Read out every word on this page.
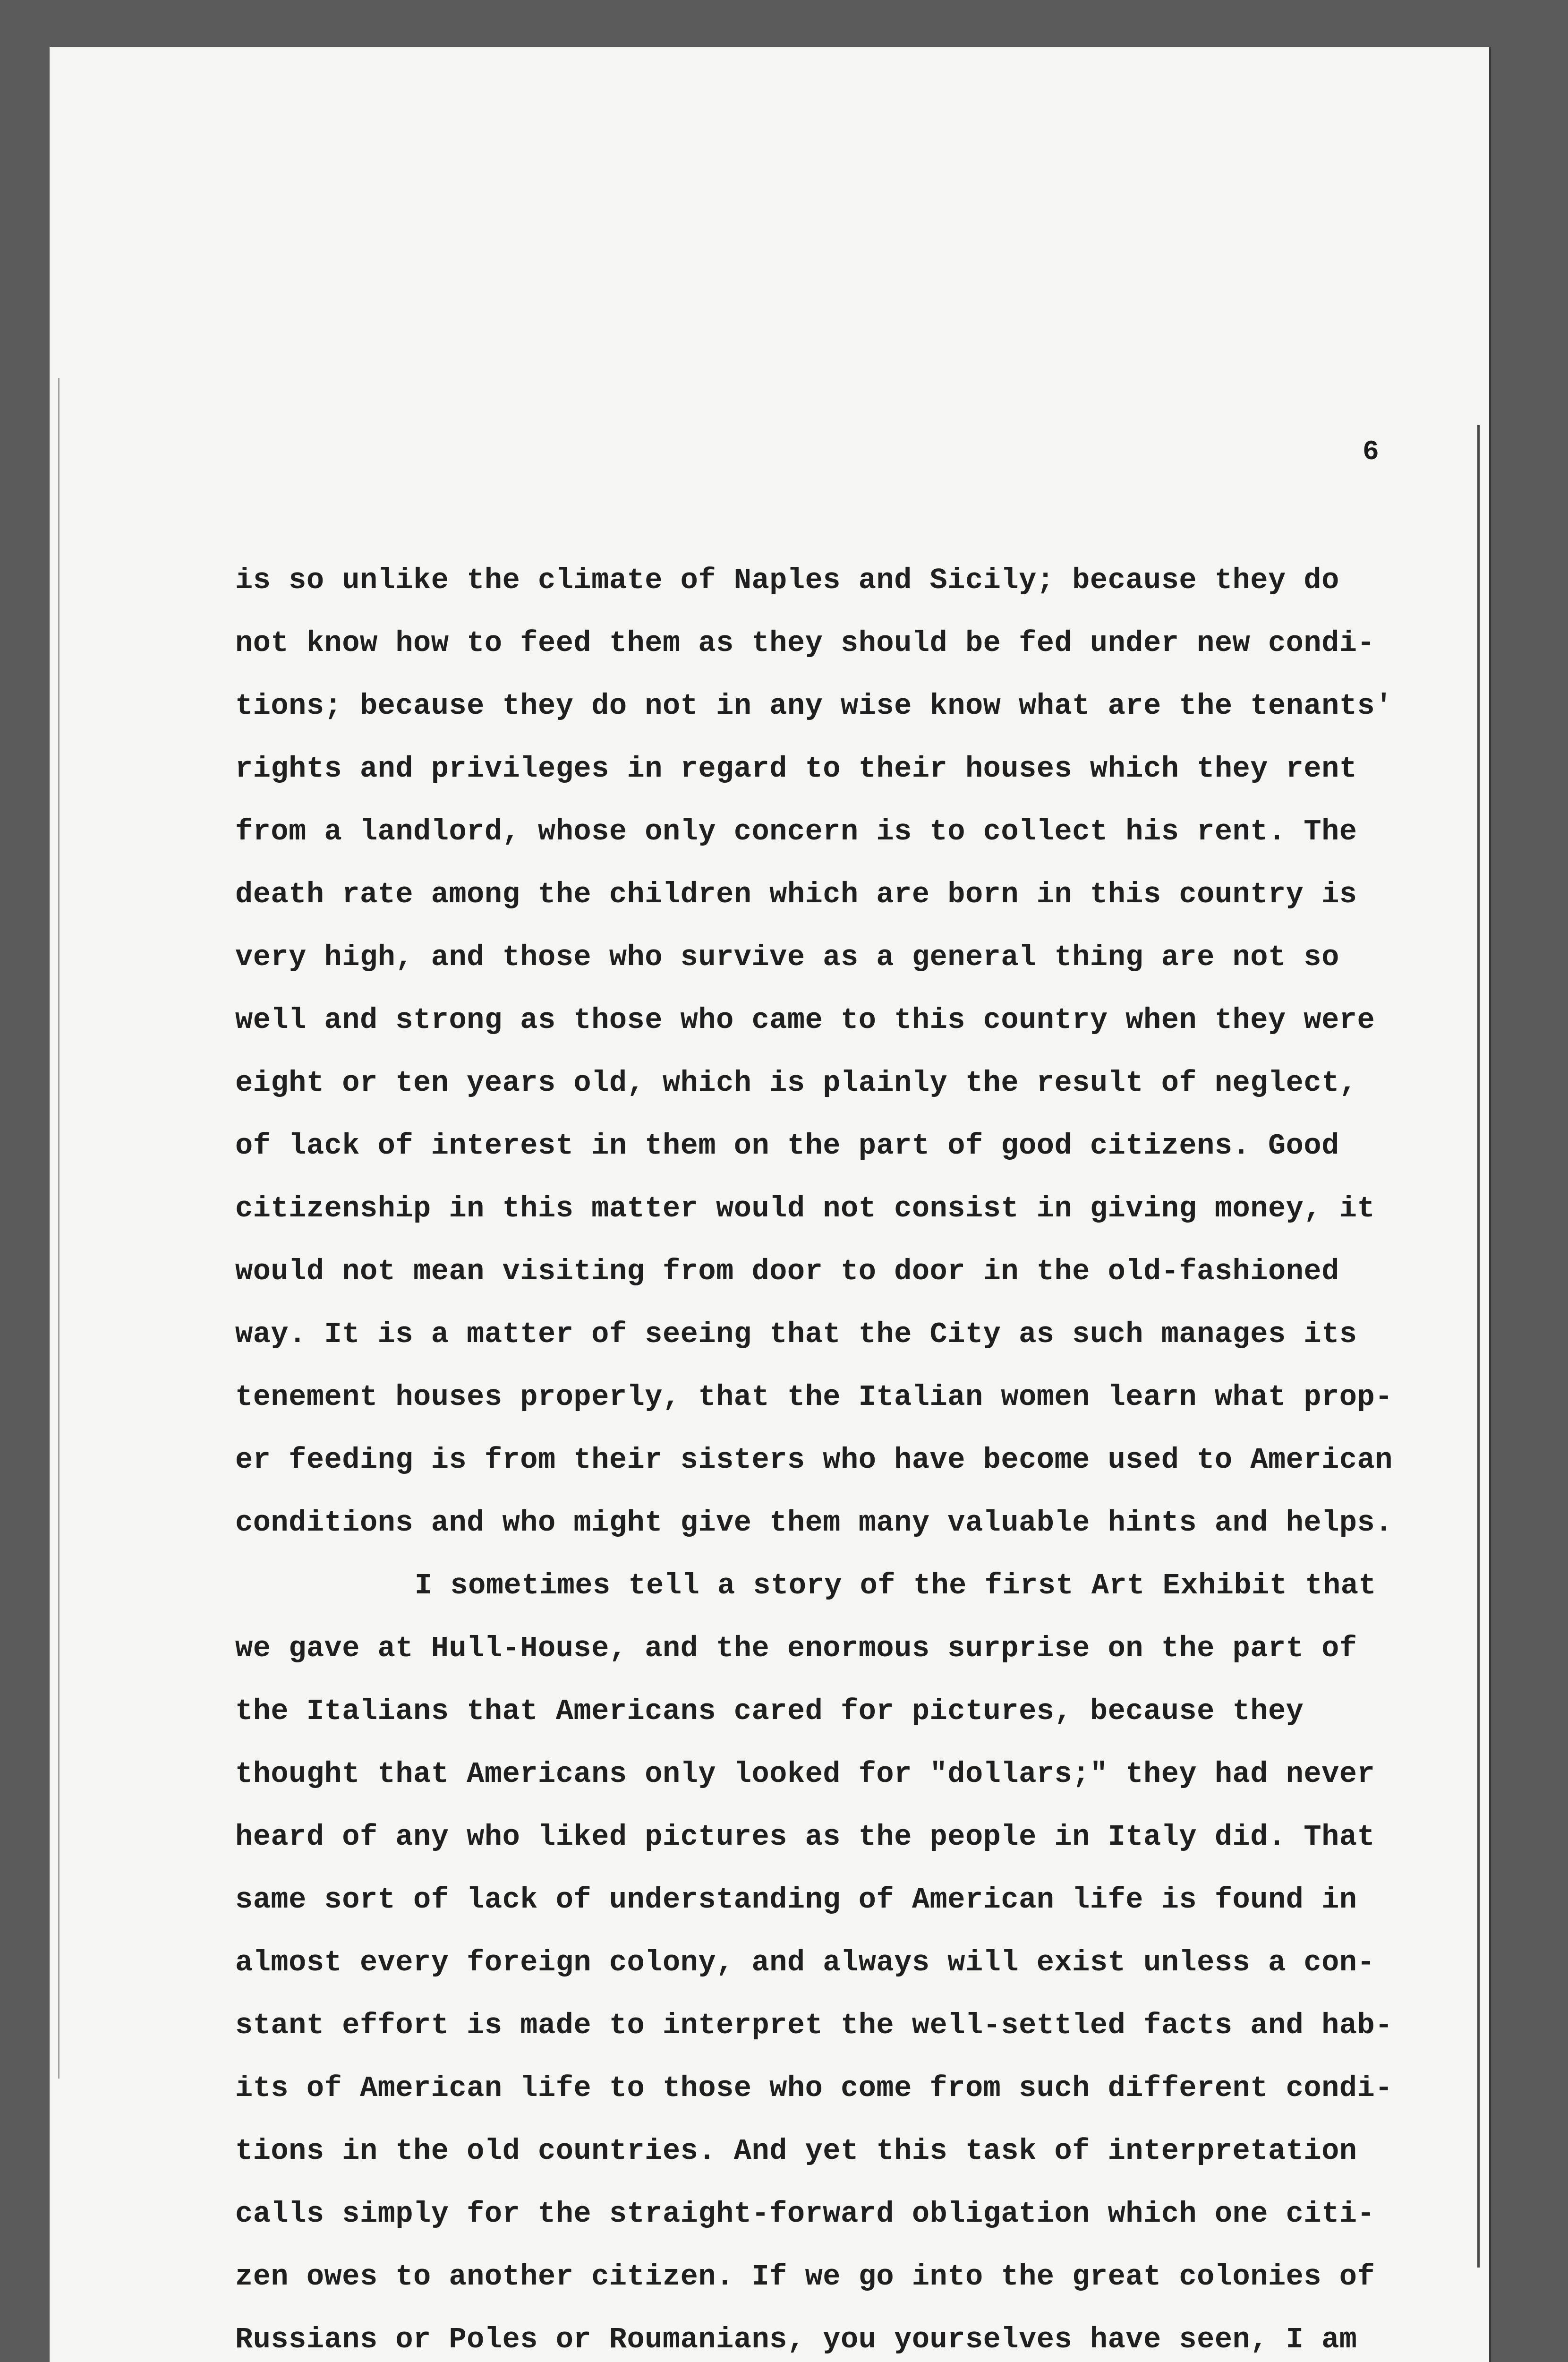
6
is so unlike the climate of Naples and Sicily; because they do
not know how to feed them as they should be fed under new condi-
tions; because they do not in any wise know what are the tenants'
rights and privileges in regard to their houses which they rent
from a landlord, whose only concern is to collect his rent. The
death rate among the children which are born in this country is
very high, and those who survive as a general thing are not so
well and strong as those who came to this country when they were
eight or ten years old, which is plainly the result of neglect,
of lack of interest in them on the part of good citizens. Good
citizenship in this matter would not consist in giving money, it
would not mean visiting from door to door in the old-fashioned
way. It is a matter of seeing that the City as such manages its
tenement houses properly, that the Italian women learn what prop-
er feeding is from their sisters who have become used to American
conditions and who might give them many valuable hints and helps.
I sometimes tell a story of the first Art Exhibit that
we gave at Hull-House, and the enormous surprise on the part of
the Italians that Americans cared for pictures, because they
thought that Americans only looked for "dollars;" they had never
heard of any who liked pictures as the people in Italy did. That
same sort of lack of understanding of American life is found in
almost every foreign colony, and always will exist unless a con-
stant effort is made to interpret the well-settled facts and hab-
its of American life to those who come from such different condi-
tions in the old countries. And yet this task of interpretation
calls simply for the straight-forward obligation which one citi-
zen owes to another citizen. If we go into the great colonies of
Russians or Poles or Roumanians, you yourselves have seen, I am
